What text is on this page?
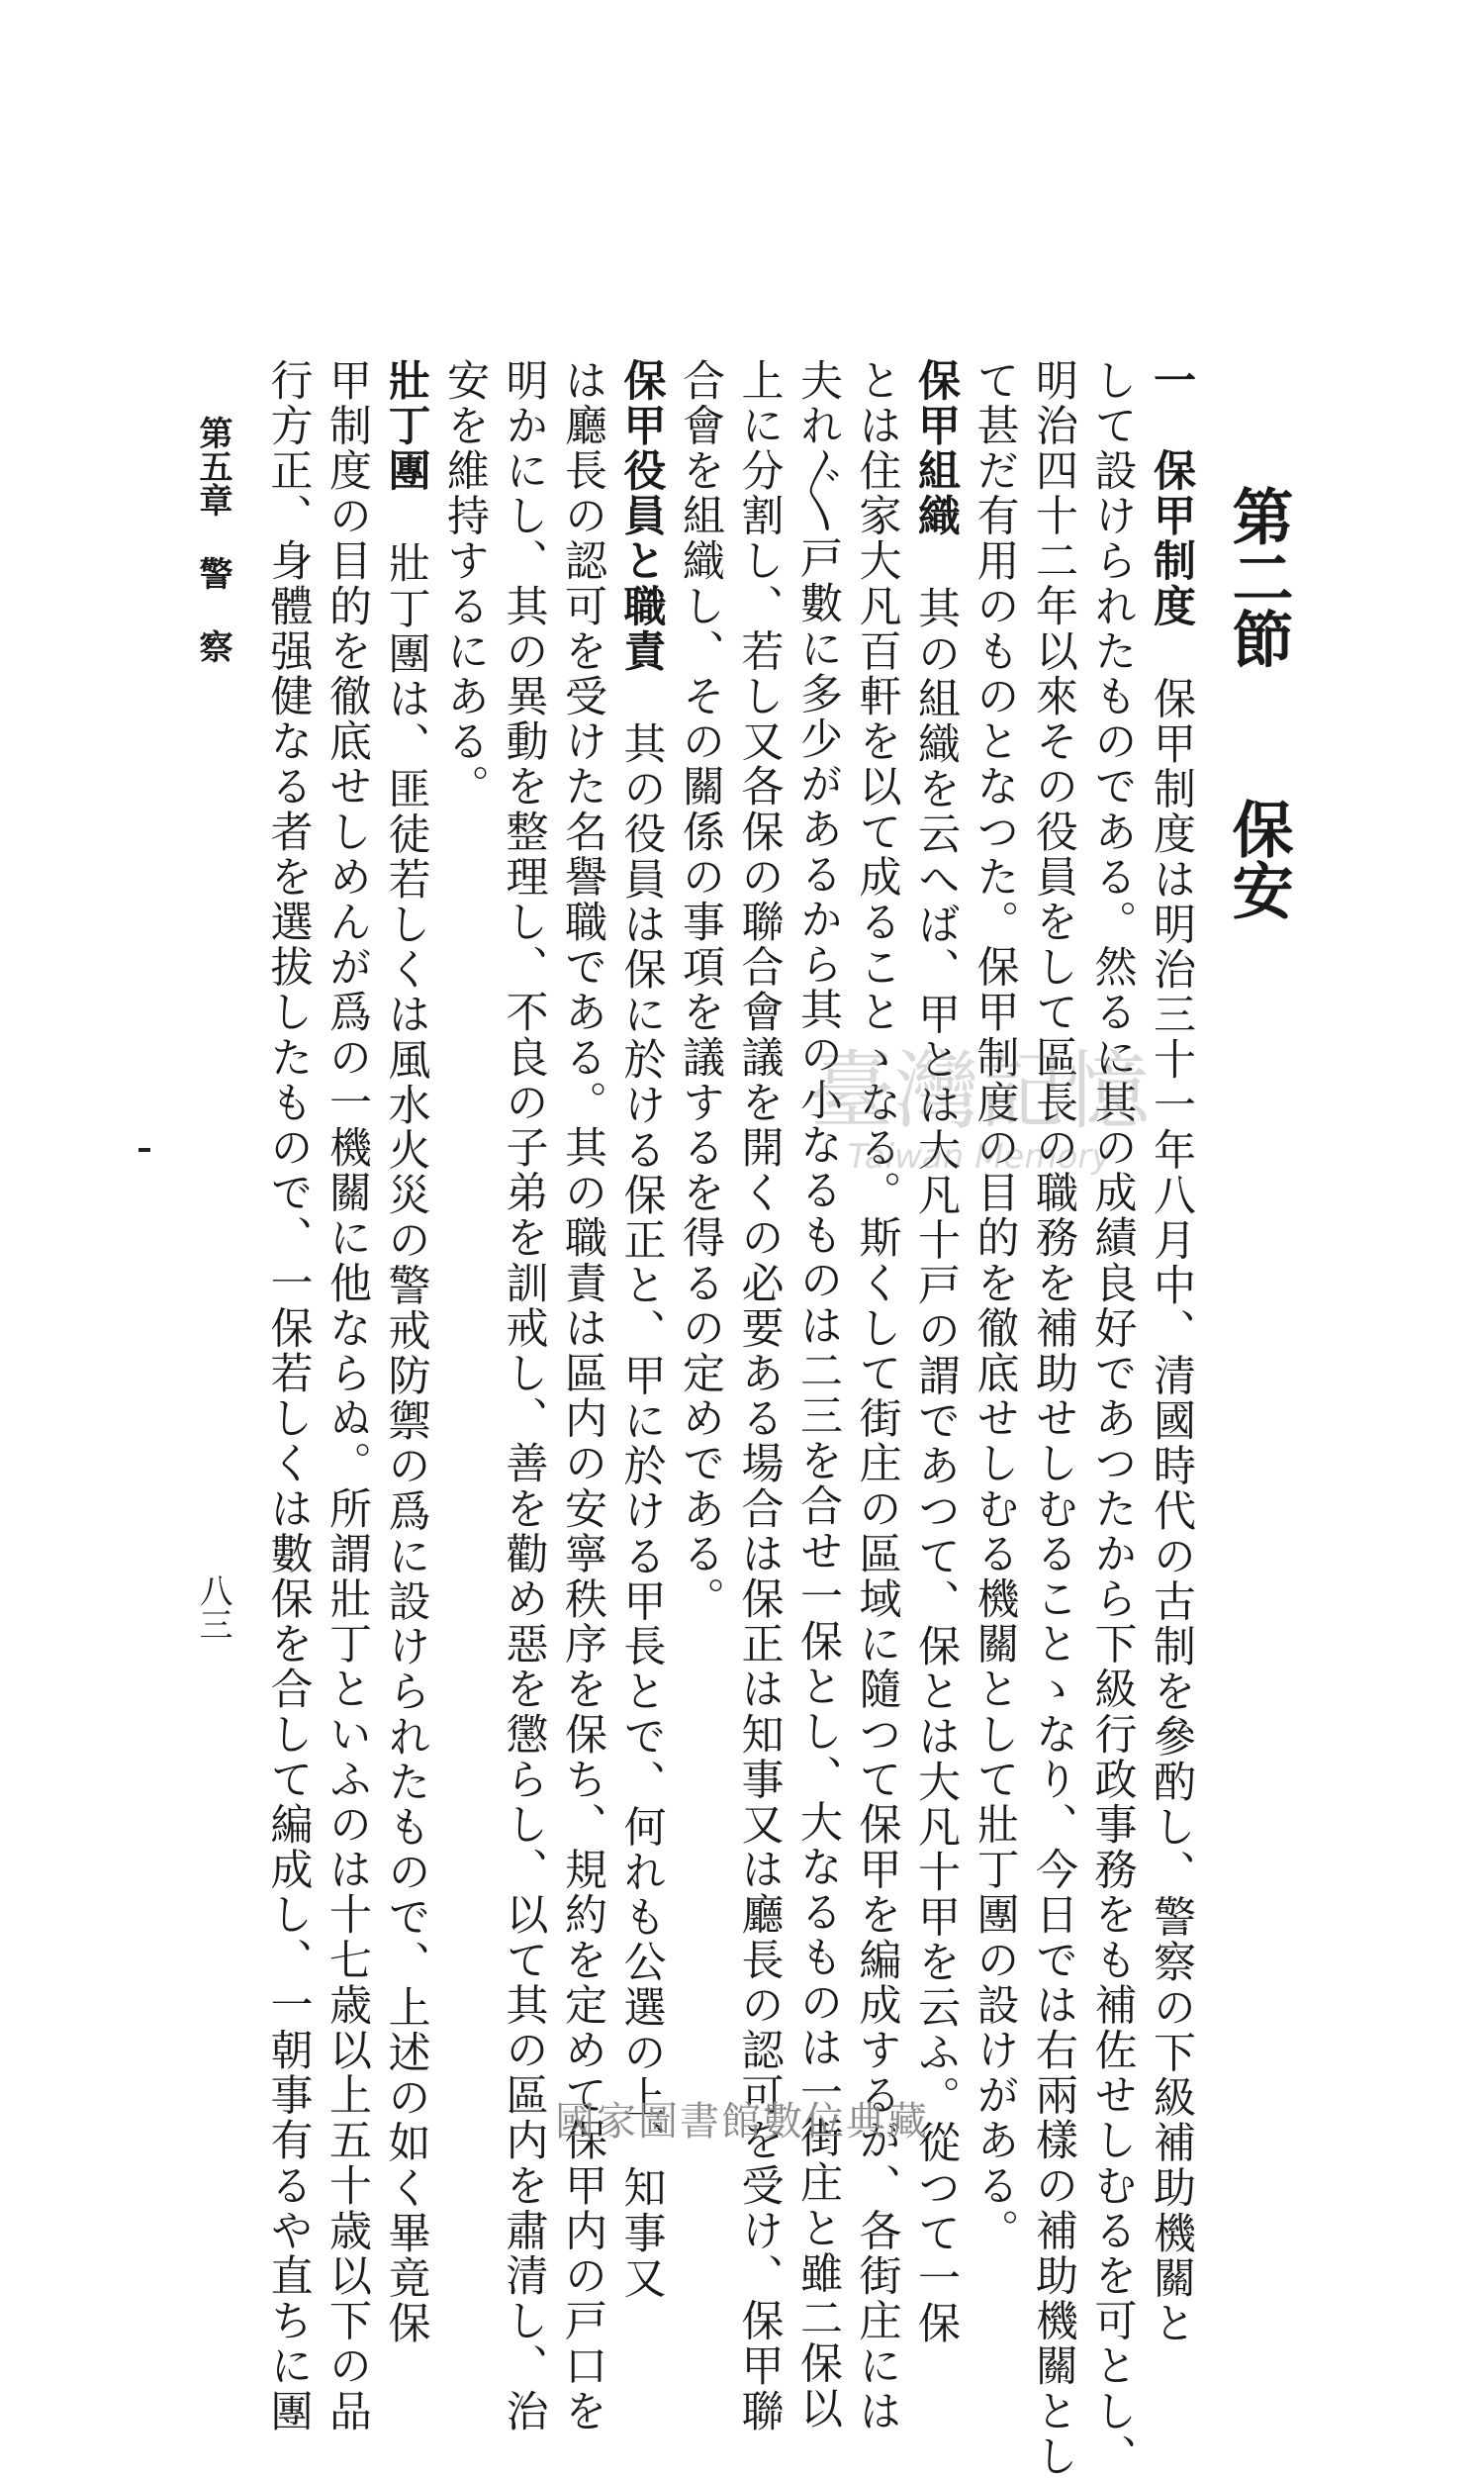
第二節保安
一　保甲制度保甲制度は明治三十一年八月中、清國時代の古制を參酌し、警察の下級補助機關と
して設けられたものである。然るに其の成績良好であつたから下級行政事務をも補佐せしむるを可とし、
明治四十二年以來その役員をして區長の職務を補助せしむることゝなり、今日では右兩樣の補助機關とし
て甚だ有用のものとなつた。保甲制度の目的を徹底せしむる機關として壯丁團の設けがある。
保甲組織其の組織を云へば、甲とは大凡十戸の謂であつて、保とは大凡十甲を云ふ。從つて一保
とは住家大凡百軒を以て成ることゝなる。斯くして街庄の區域に隨つて保甲を編成するが、各街庄には
夫れ〴〵戸數に多少があるから其の小なるものは二三を合せ一保とし、大なるものは一街庄と雖二保以
上に分割し、若し又各保の聯合會議を開くの必要ある場合は保正は知事又は廳長の認可を受け、保甲聯
合會を組織し、その關係の事項を議するを得るの定めである。
保甲役員と職責其の役員は保に於ける保正と、甲に於ける甲長とで、何れも公選の上、知事又
は廳長の認可を受けた名譽職である。其の職責は區内の安寧秩序を保ち、規約を定めて保甲内の戸口を
明かにし、其の異動を整理し、不良の子弟を訓戒し、善を勸め惡を懲らし、以て其の區内を肅清し、治
安を維持するにある。
壯丁團壯丁團は、匪徒若しくは風水火災の警戒防禦の爲に設けられたもので、上述の如く畢竟保
甲制度の目的を徹底せしめんが爲の一機關に他ならぬ。所謂壯丁といふのは十七歳以上五十歳以下の品
行方正、身體强健なる者を選拔したもので、一保若しくは數保を合して編成し、一朝事有るや直ちに團	臺灣記憶
Taiwan Memory
第五章警察
八三
國家圖書館數位典藏
